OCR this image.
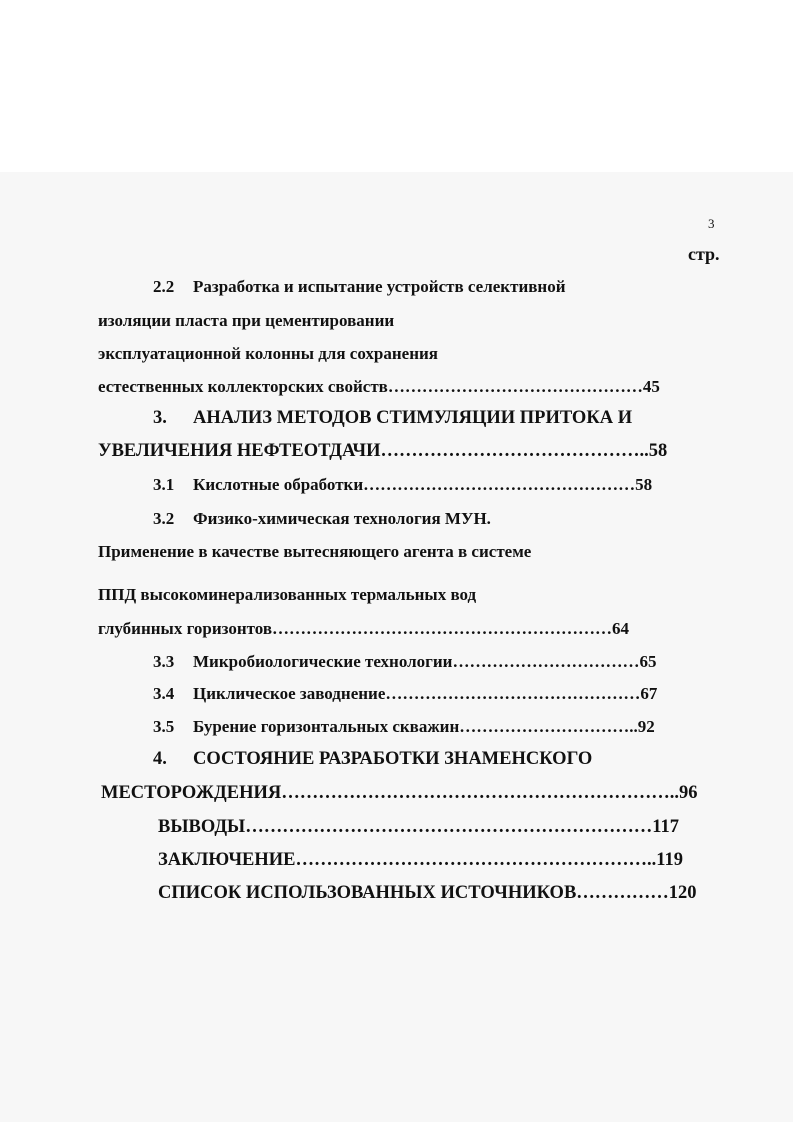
3
стр.
2.2 Разработка и испытание устройств селективной
изоляции пласта при цементировании
эксплуатационной колонны для сохранения
естественных коллекторских свойств………………………………………45
3. АНАЛИЗ МЕТОДОВ СТИМУЛЯЦИИ ПРИТОКА И
УВЕЛИЧЕНИЯ НЕФТЕОТДАЧИ……………………………………..58
3.1 Кислотные обработки…………………………………………58
3.2 Физико-химическая технология МУН.
Применение в качестве вытесняющего агента в системе
ППД высокоминерализованных термальных вод
глубинных горизонтов……………………………………………………64
3.3 Микробиологические технологии……………………………65
3.4 Циклическое заводнение………………………………………67
3.5 Бурение горизонтальных скважин…………………………..92
4. СОСТОЯНИЕ РАЗРАБОТКИ ЗНАМЕНСКОГО
МЕСТОРОЖДЕНИЯ………………………………………………………..96
ВЫВОДЫ…………………………………………………………117
ЗАКЛЮЧЕНИЕ…………………………………………………..119
СПИСОК ИСПОЛЬЗОВАННЫХ ИСТОЧНИКОВ……………120
